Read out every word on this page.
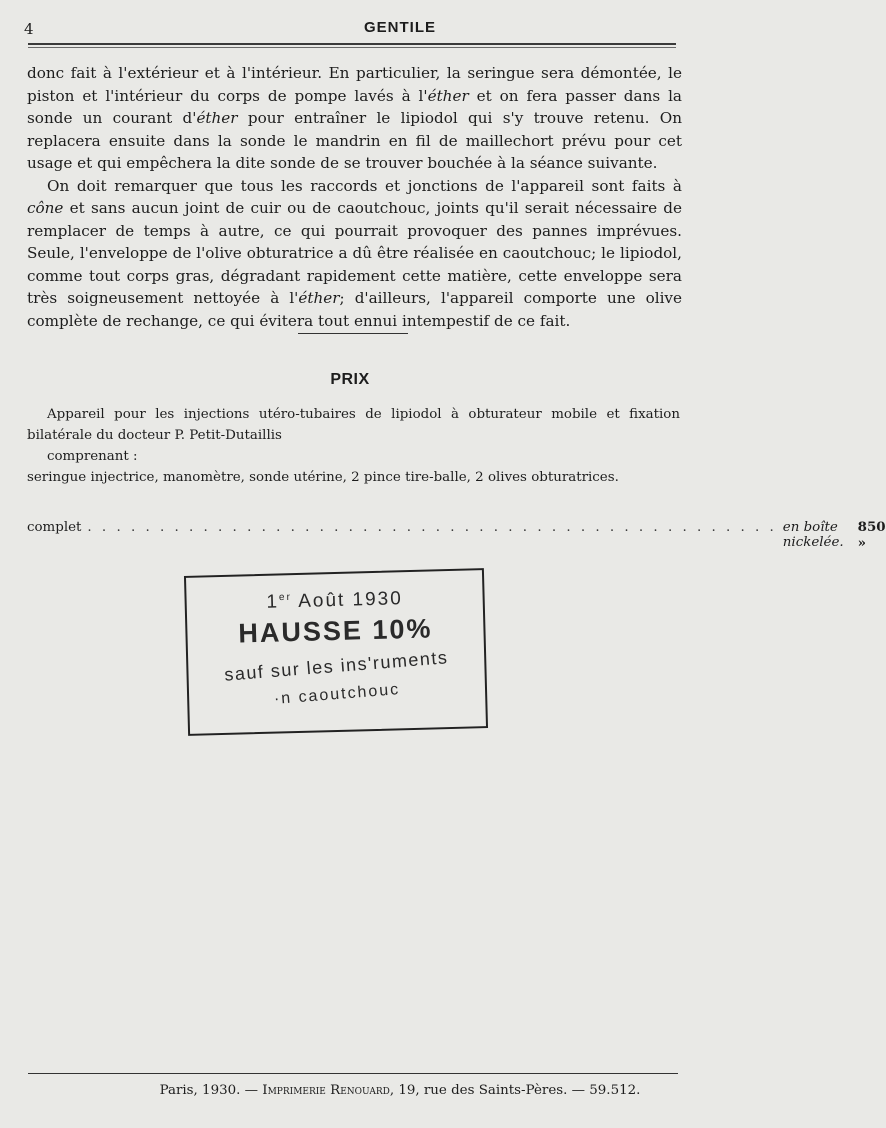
4	GENTILE

donc fait à l'extérieur et à l'intérieur. En particulier, la seringue sera démontée, le piston et l'intérieur du corps de pompe lavés à l'éther et on fera passer dans la sonde un courant d'éther pour entraîner le lipiodol qui s'y trouve retenu. On replacera ensuite dans la sonde le mandrin en fil de maillechort prévu pour cet usage et qui empêchera la dite sonde de se trouver bouchée à la séance suivante.

On doit remarquer que tous les raccords et jonctions de l'appareil sont faits à cône et sans aucun joint de cuir ou de caoutchouc, joints qu'il serait nécessaire de remplacer de temps à autre, ce qui pourrait provoquer des pannes imprévues. Seule, l'enveloppe de l'olive obturatrice a dû être réalisée en caoutchouc; le lipiodol, comme tout corps gras, dégradant rapidement cette matière, cette enveloppe sera très soigneusement nettoyée à l'éther; d'ailleurs, l'appareil comporte une olive complète de rechange, ce qui évitera tout ennui intempestif de ce fait.

PRIX

Appareil pour les injections utéro-tubaires de lipiodol à obturateur mobile et fixation bilatérale du docteur P. Petit-Dutaillis

comprenant :

seringue injectrice, manomètre, sonde utérine, 2 pince tire-balle, 2 olives obturatrices.

complet . . . . . . . . . . . . . . . . . . . . . . . . . . . . . . . . . . . . . . . . . . . . . . . . en boîte nickelée.
850 »
1er Août 1930
HAUSSE 10%
sauf sur les ins'ruments
·n caoutchouc
Paris, 1930. — Imprimerie Renouard, 19, rue des Saints-Pères. — 59.512.
